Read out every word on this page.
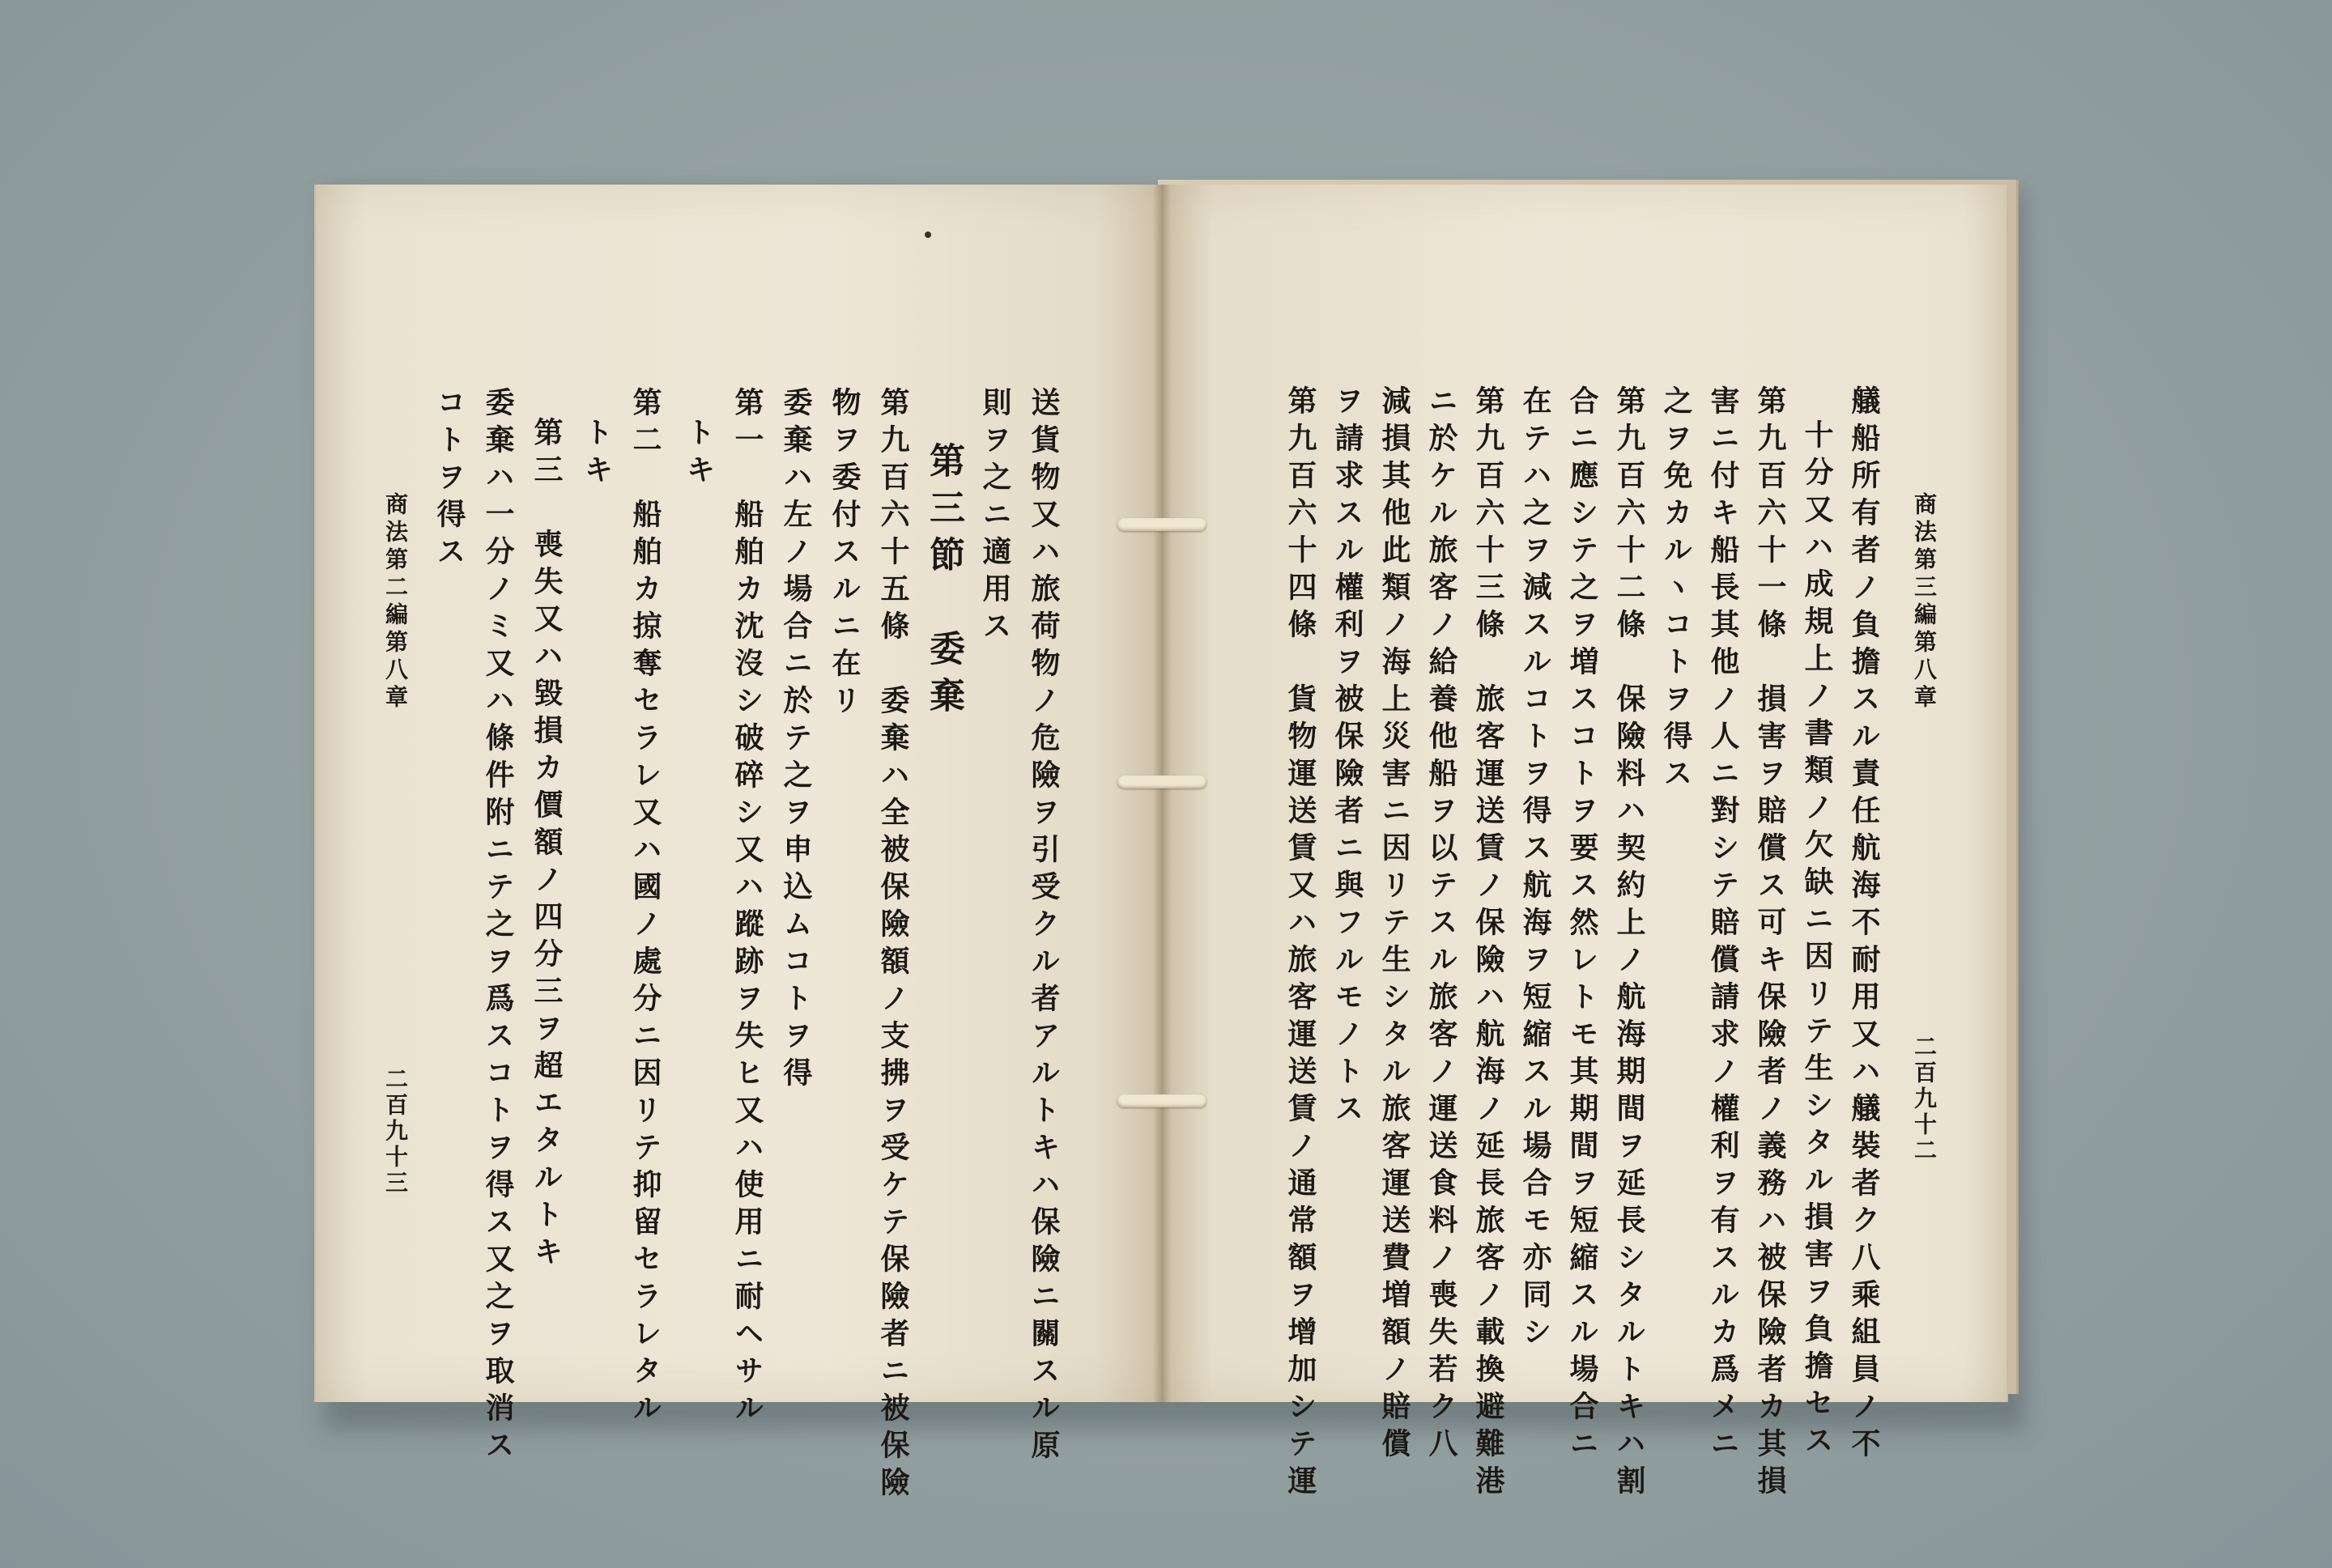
送貨物又ハ旅荷物ノ危險ヲ引受クル者アルトキハ保險ニ關スル原
則ヲ之ニ適用ス
第三節　委棄
第九百六十五條　委棄ハ全被保險額ノ支拂ヲ受ケテ保險者ニ被保險
物ヲ委付スルニ在リ
委棄ハ左ノ場合ニ於テ之ヲ申込ムコトヲ得
第一　船舶カ沈沒シ破碎シ又ハ蹤跡ヲ失ヒ又ハ使用ニ耐ヘサル
トキ
第二　船舶カ掠奪セラレ又ハ國ノ處分ニ因リテ抑留セラレタル
トキ
第三　喪失又ハ毀損カ價額ノ四分三ヲ超エタルトキ
委棄ハ一分ノミ又ハ條件附ニテ之ヲ爲スコトヲ得ス又之ヲ取消ス
コトヲ得ス
商法第二編第八章
二百九十三
商法第三編第八章
二百九十二
艤船所有者ノ負擔スル責任航海不耐用又ハ艤裝者ク八乘組員ノ不
十分又ハ成規上ノ書類ノ欠缺ニ因リテ生シタル損害ヲ負擔セス
第九百六十一條　損害ヲ賠償ス可キ保險者ノ義務ハ被保險者カ其損
害ニ付キ船長其他ノ人ニ對シテ賠償請求ノ權利ヲ有スルカ爲メニ
之ヲ免カルヽコトヲ得ス
第九百六十二條　保險料ハ契約上ノ航海期間ヲ延長シタルトキハ割
合ニ應シテ之ヲ増スコトヲ要ス然レトモ其期間ヲ短縮スル場合ニ
在テハ之ヲ減スルコトヲ得ス航海ヲ短縮スル場合モ亦同シ
第九百六十三條　旅客運送賃ノ保險ハ航海ノ延長旅客ノ載換避難港
ニ於ケル旅客ノ給養他船ヲ以テスル旅客ノ運送食料ノ喪失若ク八
減損其他此類ノ海上災害ニ因リテ生シタル旅客運送費増額ノ賠償
ヲ請求スル權利ヲ被保險者ニ與フルモノトス
第九百六十四條　貨物運送賃又ハ旅客運送賃ノ通常額ヲ增加シテ運
